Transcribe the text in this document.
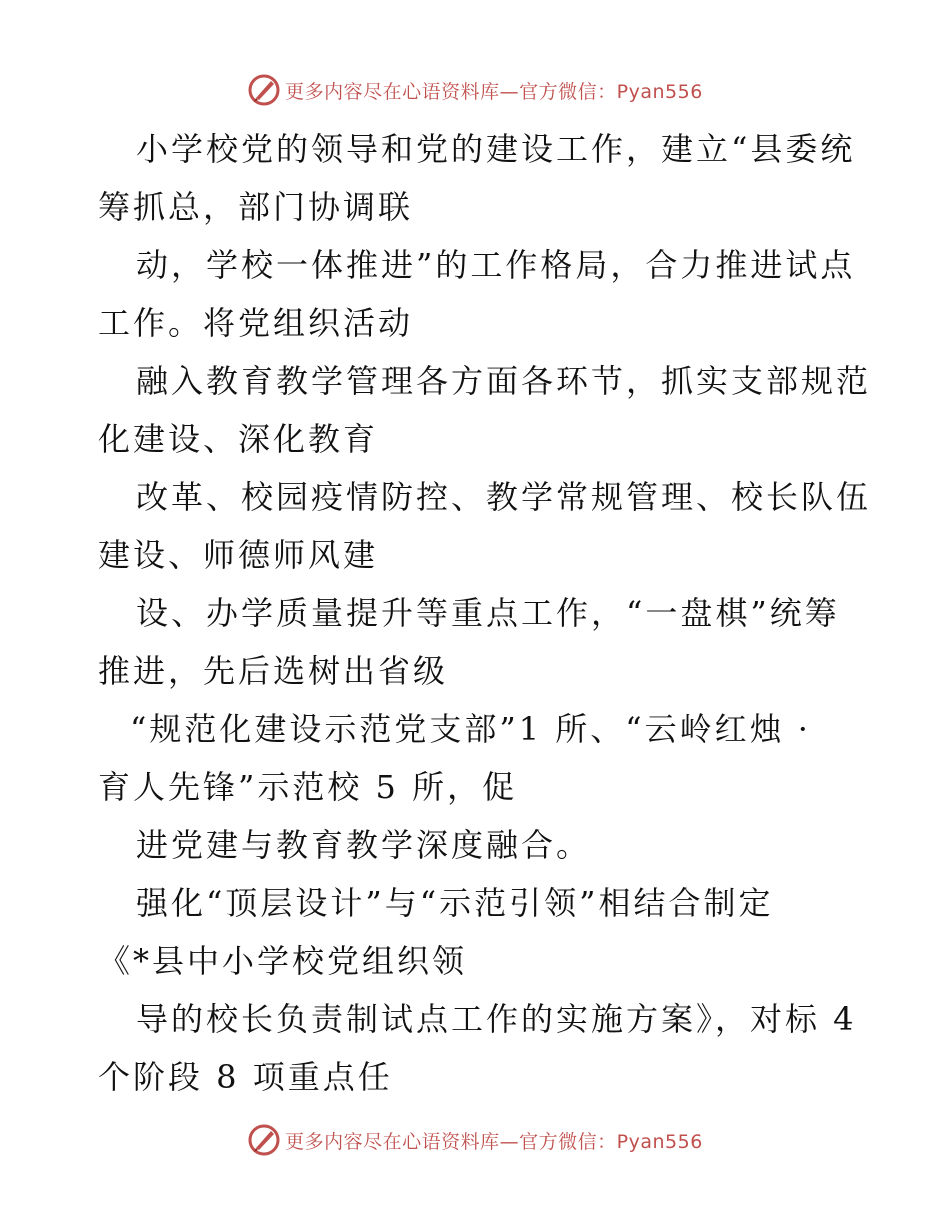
更多内容尽在心语资料库—官方微信：Pyan556
小学校党的领导和党的建设工作，建立“县委统
筹抓总，部门协调联
动，学校一体推进”的工作格局，合力推进试点
工作。将党组织活动
融入教育教学管理各方面各环节，抓实支部规范
化建设、深化教育
改革、校园疫情防控、教学常规管理、校长队伍
建设、师德师风建
设、办学质量提升等重点工作，“一盘棋”统筹
推进，先后选树出省级
“规范化建设示范党支部”1 所、“云岭红烛 ·
育人先锋”示范校 5 所，促
进党建与教育教学深度融合。
强化“顶层设计”与“示范引领”相结合制定
《*县中小学校党组织领
导的校长负责制试点工作的实施方案》，对标 4
个阶段 8 项重点任
更多内容尽在心语资料库—官方微信：Pyan556
